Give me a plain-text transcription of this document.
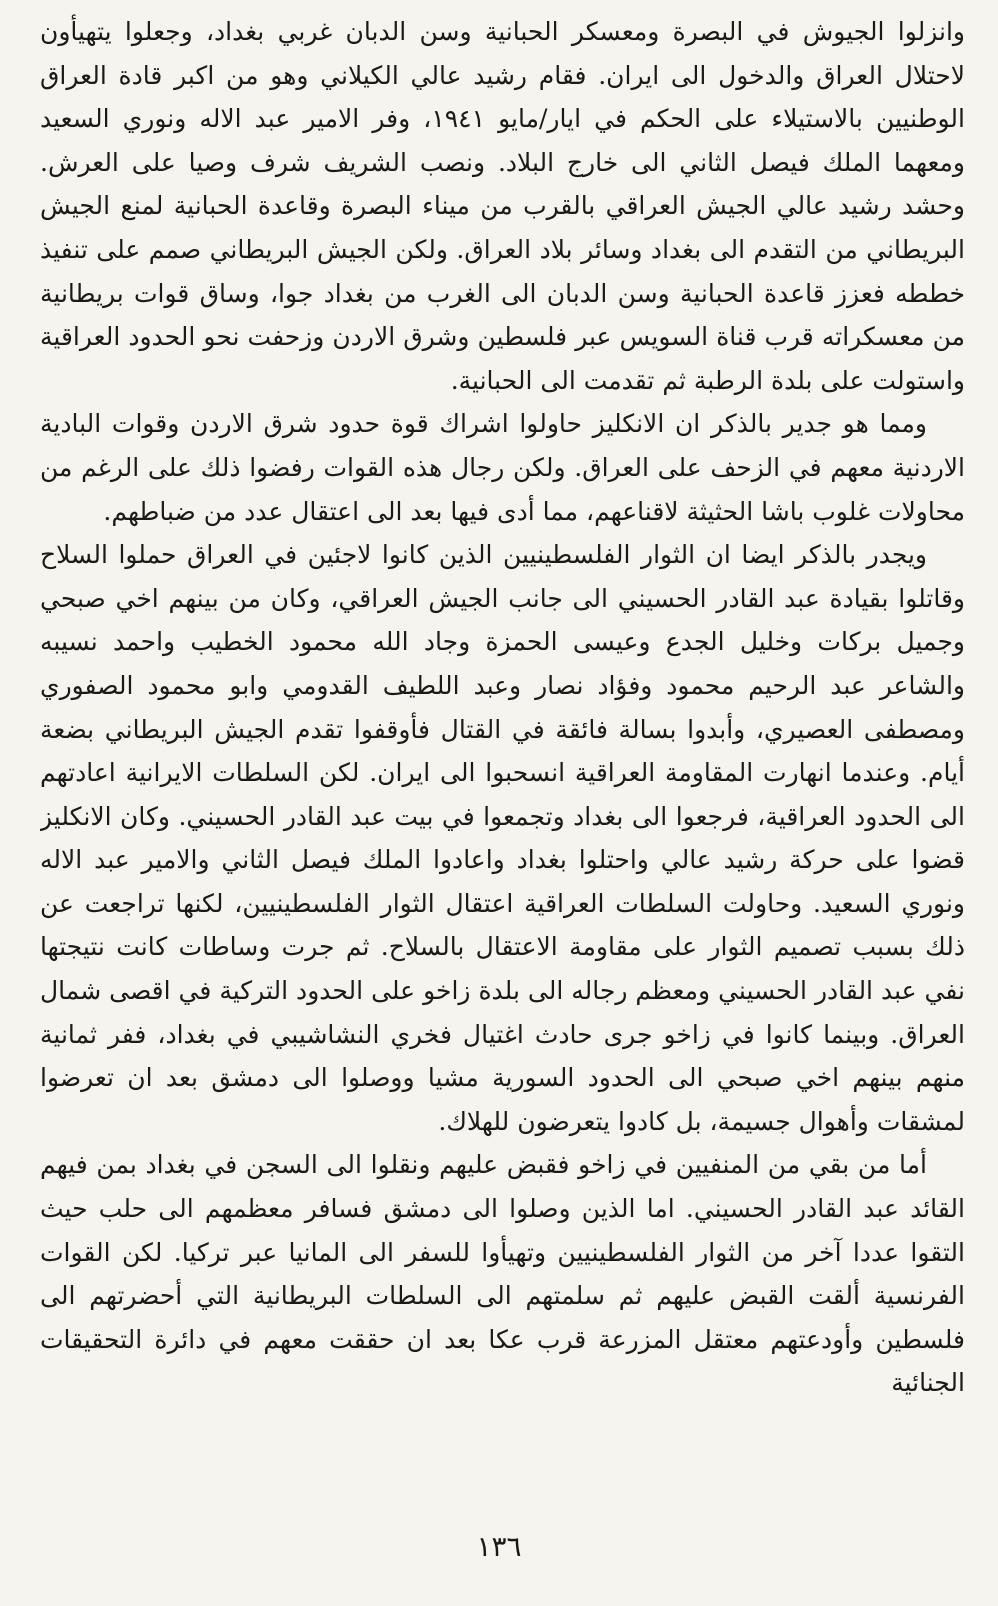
وانزلوا الجيوش في البصرة ومعسكر الحبانية وسن الدبان غربي بغداد، وجعلوا يتهيأون لاحتلال العراق والدخول الى ايران. فقام رشيد عالي الكيلاني وهو من اكبر قادة العراق الوطنيين بالاستيلاء على الحكم في ايار/مايو ١٩٤١، وفر الامير عبد الاله ونوري السعيد ومعهما الملك فيصل الثاني الى خارج البلاد. ونصب الشريف شرف وصيا على العرش. وحشد رشيد عالي الجيش العراقي بالقرب من ميناء البصرة وقاعدة الحبانية لمنع الجيش البريطاني من التقدم الى بغداد وسائر بلاد العراق. ولكن الجيش البريطاني صمم على تنفيذ خططه فعزز قاعدة الحبانية وسن الدبان الى الغرب من بغداد جوا، وساق قوات بريطانية من معسكراته قرب قناة السويس عبر فلسطين وشرق الاردن وزحفت نحو الحدود العراقية واستولت على بلدة الرطبة ثم تقدمت الى الحبانية.

ومما هو جدير بالذكر ان الانكليز حاولوا اشراك قوة حدود شرق الاردن وقوات البادية الاردنية معهم في الزحف على العراق. ولكن رجال هذه القوات رفضوا ذلك على الرغم من محاولات غلوب باشا الحثيثة لاقناعهم، مما أدى فيها بعد الى اعتقال عدد من ضباطهم.

ويجدر بالذكر ايضا ان الثوار الفلسطينيين الذين كانوا لاجئين في العراق حملوا السلاح وقاتلوا بقيادة عبد القادر الحسيني الى جانب الجيش العراقي، وكان من بينهم اخي صبحي وجميل بركات وخليل الجدع وعيسى الحمزة وجاد الله محمود الخطيب واحمد نسيبه والشاعر عبد الرحيم محمود وفؤاد نصار وعبد اللطيف القدومي وابو محمود الصفوري ومصطفى العصيري، وأبدوا بسالة فائقة في القتال فأوقفوا تقدم الجيش البريطاني بضعة أيام. وعندما انهارت المقاومة العراقية انسحبوا الى ايران. لكن السلطات الايرانية اعادتهم الى الحدود العراقية، فرجعوا الى بغداد وتجمعوا في بيت عبد القادر الحسيني. وكان الانكليز قضوا على حركة رشيد عالي واحتلوا بغداد واعادوا الملك فيصل الثاني والامير عبد الاله ونوري السعيد. وحاولت السلطات العراقية اعتقال الثوار الفلسطينيين، لكنها تراجعت عن ذلك بسبب تصميم الثوار على مقاومة الاعتقال بالسلاح. ثم جرت وساطات كانت نتيجتها نفي عبد القادر الحسيني ومعظم رجاله الى بلدة زاخو على الحدود التركية في اقصى شمال العراق. وبينما كانوا في زاخو جرى حادث اغتيال فخري النشاشيبي في بغداد، ففر ثمانية منهم بينهم اخي صبحي الى الحدود السورية مشيا ووصلوا الى دمشق بعد ان تعرضوا لمشقات وأهوال جسيمة، بل كادوا يتعرضون للهلاك.

أما من بقي من المنفيين في زاخو فقبض عليهم ونقلوا الى السجن في بغداد بمن فيهم القائد عبد القادر الحسيني. اما الذين وصلوا الى دمشق فسافر معظمهم الى حلب حيث التقوا عددا آخر من الثوار الفلسطينيين وتهيأوا للسفر الى المانيا عبر تركيا. لكن القوات الفرنسية ألقت القبض عليهم ثم سلمتهم الى السلطات البريطانية التي أحضرتهم الى فلسطين وأودعتهم معتقل المزرعة قرب عكا بعد ان حققت معهم في دائرة التحقيقات الجنائية

١٣٦
